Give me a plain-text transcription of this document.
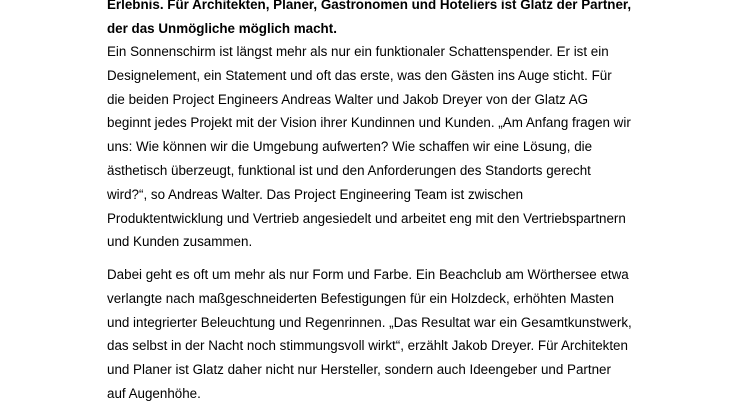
Erlebnis. Für Architekten, Planer, Gastronomen und Hoteliers ist Glatz der Partner,
der das Unmögliche möglich macht.

Ein Sonnenschirm ist längst mehr als nur ein funktionaler Schattenspender. Er ist ein
Designelement, ein Statement und oft das erste, was den Gästen ins Auge sticht. Für
die beiden Project Engineers Andreas Walter und Jakob Dreyer von der Glatz AG
beginnt jedes Projekt mit der Vision ihrer Kundinnen und Kunden. „Am Anfang fragen wir
uns: Wie können wir die Umgebung aufwerten? Wie schaffen wir eine Lösung, die
ästhetisch überzeugt, funktional ist und den Anforderungen des Standorts gerecht
wird?“, so Andreas Walter. Das Project Engineering Team ist zwischen
Produktentwicklung und Vertrieb angesiedelt und arbeitet eng mit den Vertriebspartnern
und Kunden zusammen.

Dabei geht es oft um mehr als nur Form und Farbe. Ein Beachclub am Wörthersee etwa
verlangte nach maßgeschneiderten Befestigungen für ein Holzdeck, erhöhten Masten
und integrierter Beleuchtung und Regenrinnen. „Das Resultat war ein Gesamtkunstwerk,
das selbst in der Nacht noch stimmungsvoll wirkt“, erzählt Jakob Dreyer. Für Architekten
und Planer ist Glatz daher nicht nur Hersteller, sondern auch Ideengeber und Partner
auf Augenhöhe.
